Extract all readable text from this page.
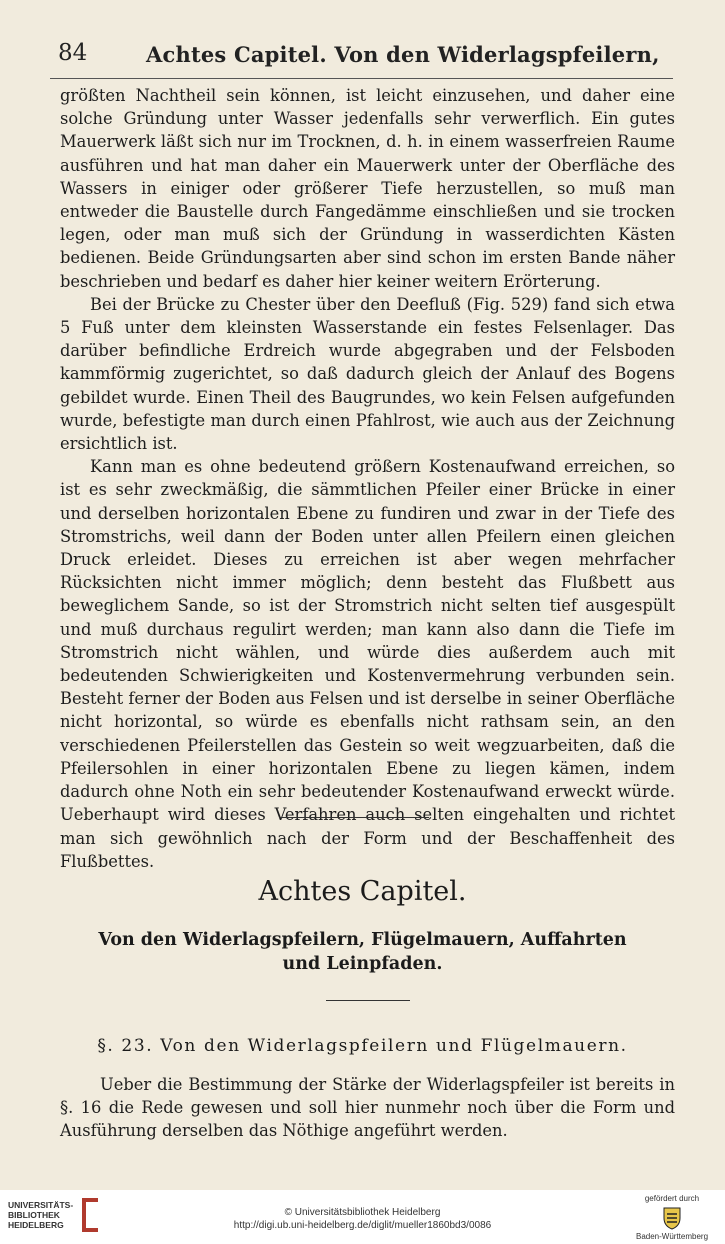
84	Achtes Capitel. Von den Widerlagspfeilern,

größten Nachtheil sein können, ist leicht einzusehen, und daher eine solche Gründung unter Wasser jedenfalls sehr verwerflich. Ein gutes Mauerwerk läßt sich nur im Trocknen, d. h. in einem wasserfreien Raume ausführen und hat man daher ein Mauerwerk unter der Oberfläche des Wassers in einiger oder größerer Tiefe herzustellen, so muß man entweder die Baustelle durch Fangedämme einschließen und sie trocken legen, oder man muß sich der Gründung in wasserdichten Kästen bedienen. Beide Gründungsarten aber sind schon im ersten Bande näher beschrieben und bedarf es daher hier keiner weitern Erörterung.

Bei der Brücke zu Chester über den Deefluß (Fig. 529) fand sich etwa 5 Fuß unter dem kleinsten Wasserstande ein festes Felsenlager. Das darüber befindliche Erdreich wurde abgegraben und der Felsboden kammförmig zugerichtet, so daß dadurch gleich der Anlauf des Bogens gebildet wurde. Einen Theil des Baugrundes, wo kein Felsen aufgefunden wurde, befestigte man durch einen Pfahlrost, wie auch aus der Zeichnung ersichtlich ist.

Kann man es ohne bedeutend größern Kostenaufwand erreichen, so ist es sehr zweckmäßig, die sämmtlichen Pfeiler einer Brücke in einer und derselben horizontalen Ebene zu fundiren und zwar in der Tiefe des Stromstrichs, weil dann der Boden unter allen Pfeilern einen gleichen Druck erleidet. Dieses zu erreichen ist aber wegen mehrfacher Rücksichten nicht immer möglich; denn besteht das Flußbett aus beweglichem Sande, so ist der Stromstrich nicht selten tief ausgespült und muß durchaus regulirt werden; man kann also dann die Tiefe im Stromstrich nicht wählen, und würde dies außerdem auch mit bedeutenden Schwierigkeiten und Kostenvermehrung verbunden sein. Besteht ferner der Boden aus Felsen und ist derselbe in seiner Oberfläche nicht horizontal, so würde es ebenfalls nicht rathsam sein, an den verschiedenen Pfeilerstellen das Gestein so weit wegzuarbeiten, daß die Pfeilersohlen in einer horizontalen Ebene zu liegen kämen, indem dadurch ohne Noth ein sehr bedeutender Kostenaufwand erweckt würde. Ueberhaupt wird dieses Verfahren auch selten eingehalten und richtet man sich gewöhnlich nach der Form und der Beschaffenheit des Flußbettes.

Achtes Capitel.
Von den Widerlagspfeilern, Flügelmauern, Auffahrten und Leinpfaden.
§. 23. Von den Widerlagspfeilern und Flügelmauern.

Ueber die Bestimmung der Stärke der Widerlagspfeiler ist bereits in §. 16 die Rede gewesen und soll hier nunmehr noch über die Form und Ausführung derselben das Nöthige angeführt werden.

UNIVERSITÄTS-
BIBLIOTHEK
HEIDELBERG
© Universitätsbibliothek Heidelberg
http://digi.ub.uni-heidelberg.de/diglit/mueller1860bd3/0086
gefördert durch
Baden-Württemberg
